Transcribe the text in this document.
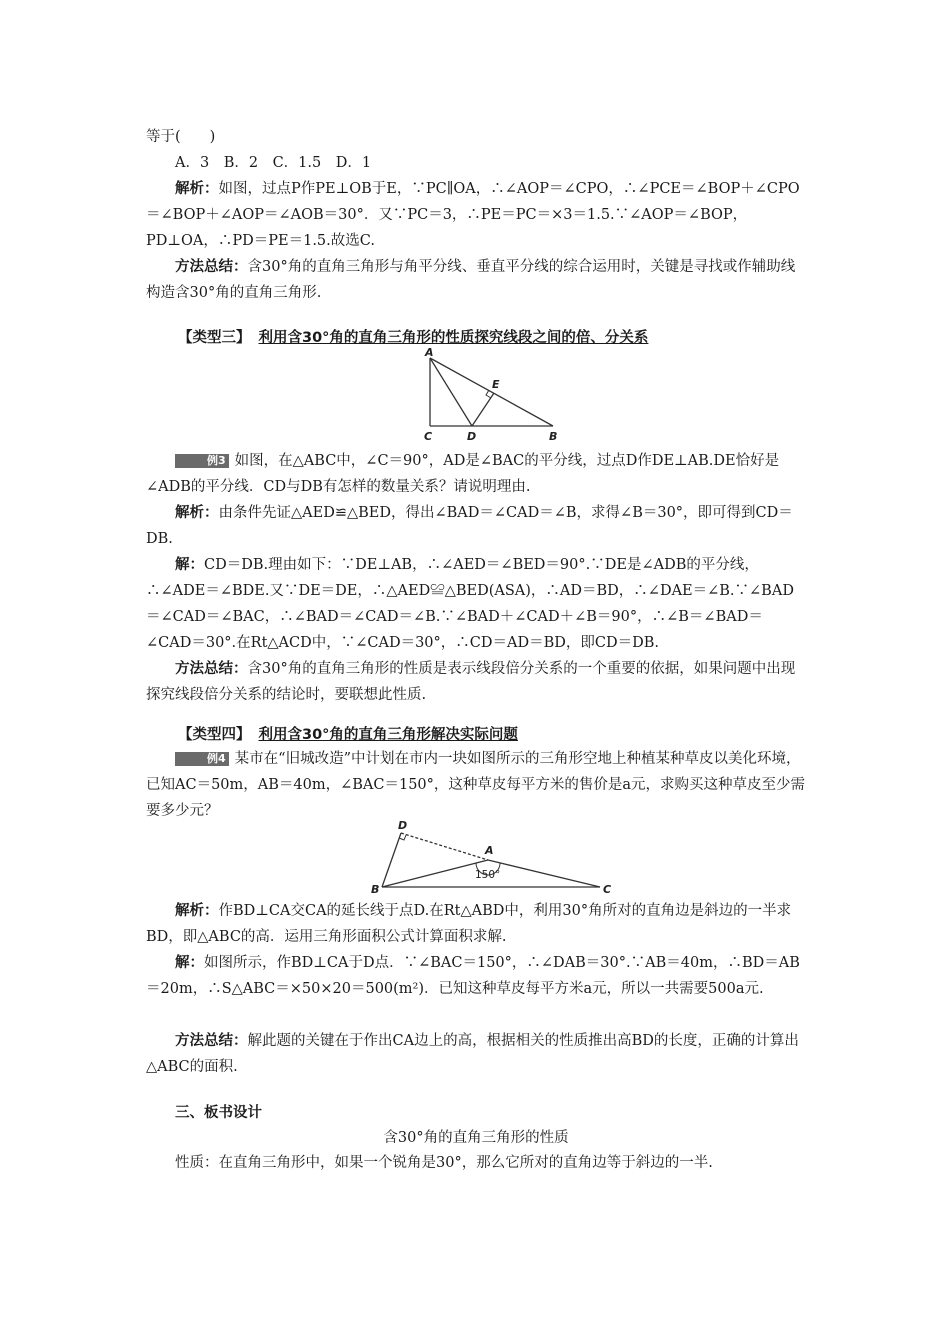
等于(　　)

A．3　B．2　C．1.5　D．1

解析：如图，过点P作PE⊥OB于E，∵PC∥OA，∴∠AOP＝∠CPO，∴∠PCE＝∠BOP＋∠CPO＝∠BOP＋∠AOP＝∠AOB＝30°．又∵PC＝3，∴PE＝PC＝×3＝1.5.∵∠AOP＝∠BOP，PD⊥OA，∴PD＝PE＝1.5.故选C.

方法总结：含30°角的直角三角形与角平分线、垂直平分线的综合运用时，关键是寻找或作辅助线构造含30°角的直角三角形.

【类型三】 利用含30°角的直角三角形的性质探究线段之间的倍、分关系
A
C	D	B
E

例3 如图，在△ABC中，∠C＝90°，AD是∠BAC的平分线，过点D作DE⊥AB.DE恰好是∠ADB的平分线．CD与DB有怎样的数量关系？请说明理由.

解析：由条件先证△AED≌△BED，得出∠BAD＝∠CAD＝∠B，求得∠B＝30°，即可得到CD＝DB.

解：CD＝DB.理由如下：∵DE⊥AB，∴∠AED＝∠BED＝90°.∵DE是∠ADB的平分线，∴∠ADE＝∠BDE.又∵DE＝DE，∴△AED≌△BED(ASA)，∴AD＝BD，∴∠DAE＝∠B.∵∠BAD＝∠CAD＝∠BAC，∴∠BAD＝∠CAD＝∠B.∵∠BAD＋∠CAD＋∠B＝90°，∴∠B＝∠BAD＝∠CAD＝30°.在Rt△ACD中，∵∠CAD＝30°，∴CD＝AD＝BD，即CD＝DB.

方法总结：含30°角的直角三角形的性质是表示线段倍分关系的一个重要的依据，如果问题中出现探究线段倍分关系的结论时，要联想此性质.

【类型四】 利用含30°角的直角三角形解决实际问题

例4 某市在“旧城改造”中计划在市内一块如图所示的三角形空地上种植某种草皮以美化环境，已知AC＝50m，AB＝40m，∠BAC＝150°，这种草皮每平方米的售价是a元，求购买这种草皮至少需要多少元？

D
A
B	C
150°

解析：作BD⊥CA交CA的延长线于点D.在Rt△ABD中，利用30°角所对的直角边是斜边的一半求BD，即△ABC的高．运用三角形面积公式计算面积求解.

解：如图所示，作BD⊥CA于D点．∵∠BAC＝150°，∴∠DAB＝30°.∵AB＝40m，∴BD＝AB＝20m，∴S△ABC＝×50×20＝500(m²)．已知这种草皮每平方米a元，所以一共需要500a元.

方法总结：解此题的关键在于作出CA边上的高，根据相关的性质推出高BD的长度，正确的计算出△ABC的面积.

三、板书设计

含30°角的直角三角形的性质

性质：在直角三角形中，如果一个锐角是30°，那么它所对的直角边等于斜边的一半.
